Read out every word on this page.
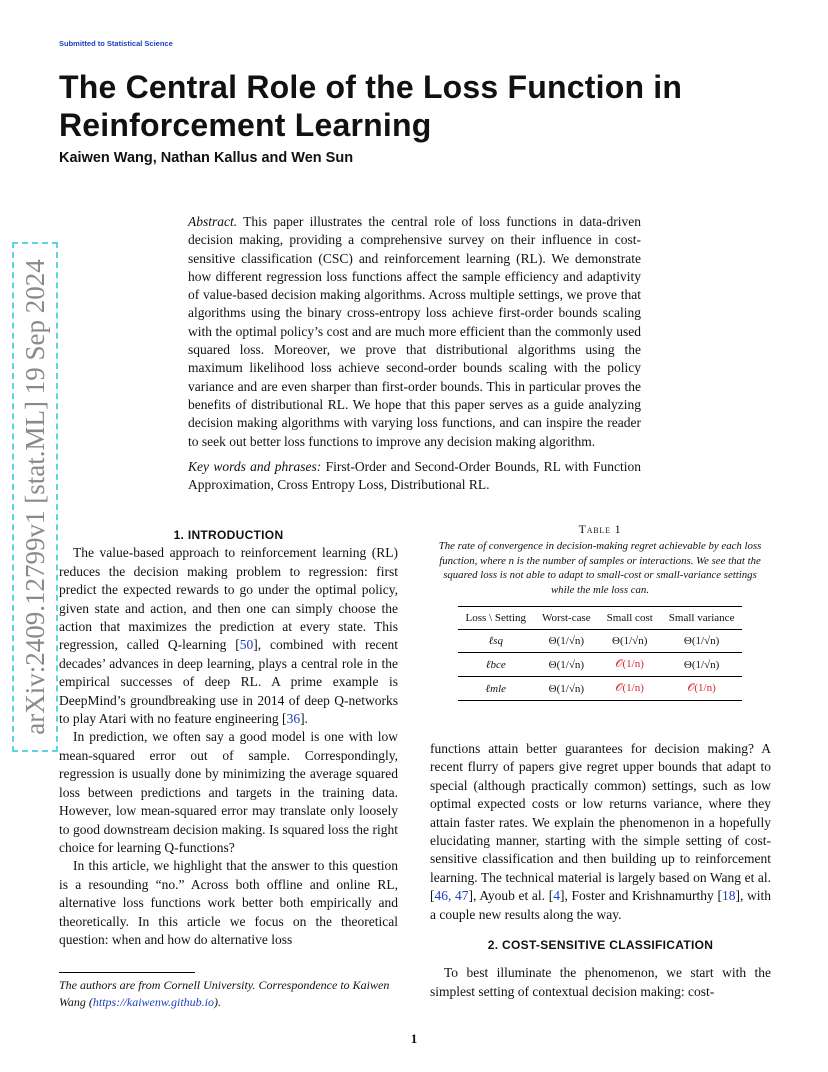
Submitted to Statistical Science
The Central Role of the Loss Function in Reinforcement Learning
Kaiwen Wang, Nathan Kallus and Wen Sun
arXiv:2409.12799v1 [stat.ML] 19 Sep 2024

Abstract. This paper illustrates the central role of loss functions in data-driven decision making, providing a comprehensive survey on their influence in cost-sensitive classification (CSC) and reinforcement learning (RL). We demonstrate how different regression loss functions affect the sample efficiency and adaptivity of value-based decision making algorithms. Across multiple settings, we prove that algorithms using the binary cross-entropy loss achieve first-order bounds scaling with the optimal policy’s cost and are much more efficient than the commonly used squared loss. Moreover, we prove that distributional algorithms using the maximum likelihood loss achieve second-order bounds scaling with the policy variance and are even sharper than first-order bounds. This in particular proves the benefits of distributional RL. We hope that this paper serves as a guide analyzing decision making algorithms with varying loss functions, and can inspire the reader to seek out better loss functions to improve any decision making algorithm.

Key words and phrases: First-Order and Second-Order Bounds, RL with Function Approximation, Cross Entropy Loss, Distributional RL.

1. INTRODUCTION

The value-based approach to reinforcement learning (RL) reduces the decision making problem to regression: first predict the expected rewards to go under the optimal policy, given state and action, and then one can simply choose the action that maximizes the prediction at every state. This regression, called Q-learning [50], combined with recent decades’ advances in deep learning, plays a central role in the empirical successes of deep RL. A prime example is DeepMind’s groundbreaking use in 2014 of deep Q-networks to play Atari with no feature engineering [36].

In prediction, we often say a good model is one with low mean-squared error out of sample. Correspondingly, regression is usually done by minimizing the average squared loss between predictions and targets in the training data. However, low mean-squared error may translate only loosely to good downstream decision making. Is squared loss the right choice for learning Q-functions?

In this article, we highlight that the answer to this question is a resounding “no.” Across both offline and online RL, alternative loss functions work better both empirically and theoretically. In this article we focus on the theoretical question: when and how do alternative loss

Table 1
The rate of convergence in decision-making regret achievable by each loss function, where n is the number of samples or interactions. We see that the squared loss is not able to adapt to small-cost or small-variance settings while the mle loss can.
Loss \ Setting	Worst-case	Small cost	Small variance
ℓsq	Θ(1/√n)	Θ(1/√n)	Θ(1/√n)
ℓbce	Θ(1/√n)	𝒪(1/n)	Θ(1/√n)
ℓmle	Θ(1/√n)	𝒪(1/n)	𝒪(1/n)

functions attain better guarantees for decision making? A recent flurry of papers give regret upper bounds that adapt to special (although practically common) settings, such as low optimal expected costs or low returns variance, where they attain faster rates. We explain the phenomenon in a hopefully elucidating manner, starting with the simple setting of cost-sensitive classification and then building up to reinforcement learning. The technical material is largely based on Wang et al. [46, 47], Ayoub et al. [4], Foster and Krishnamurthy [18], with a couple new results along the way.

2. COST-SENSITIVE CLASSIFICATION

To best illuminate the phenomenon, we start with the simplest setting of contextual decision making: cost-

The authors are from Cornell University. Correspondence to Kaiwen Wang (https://kaiwenw.github.io).
1
